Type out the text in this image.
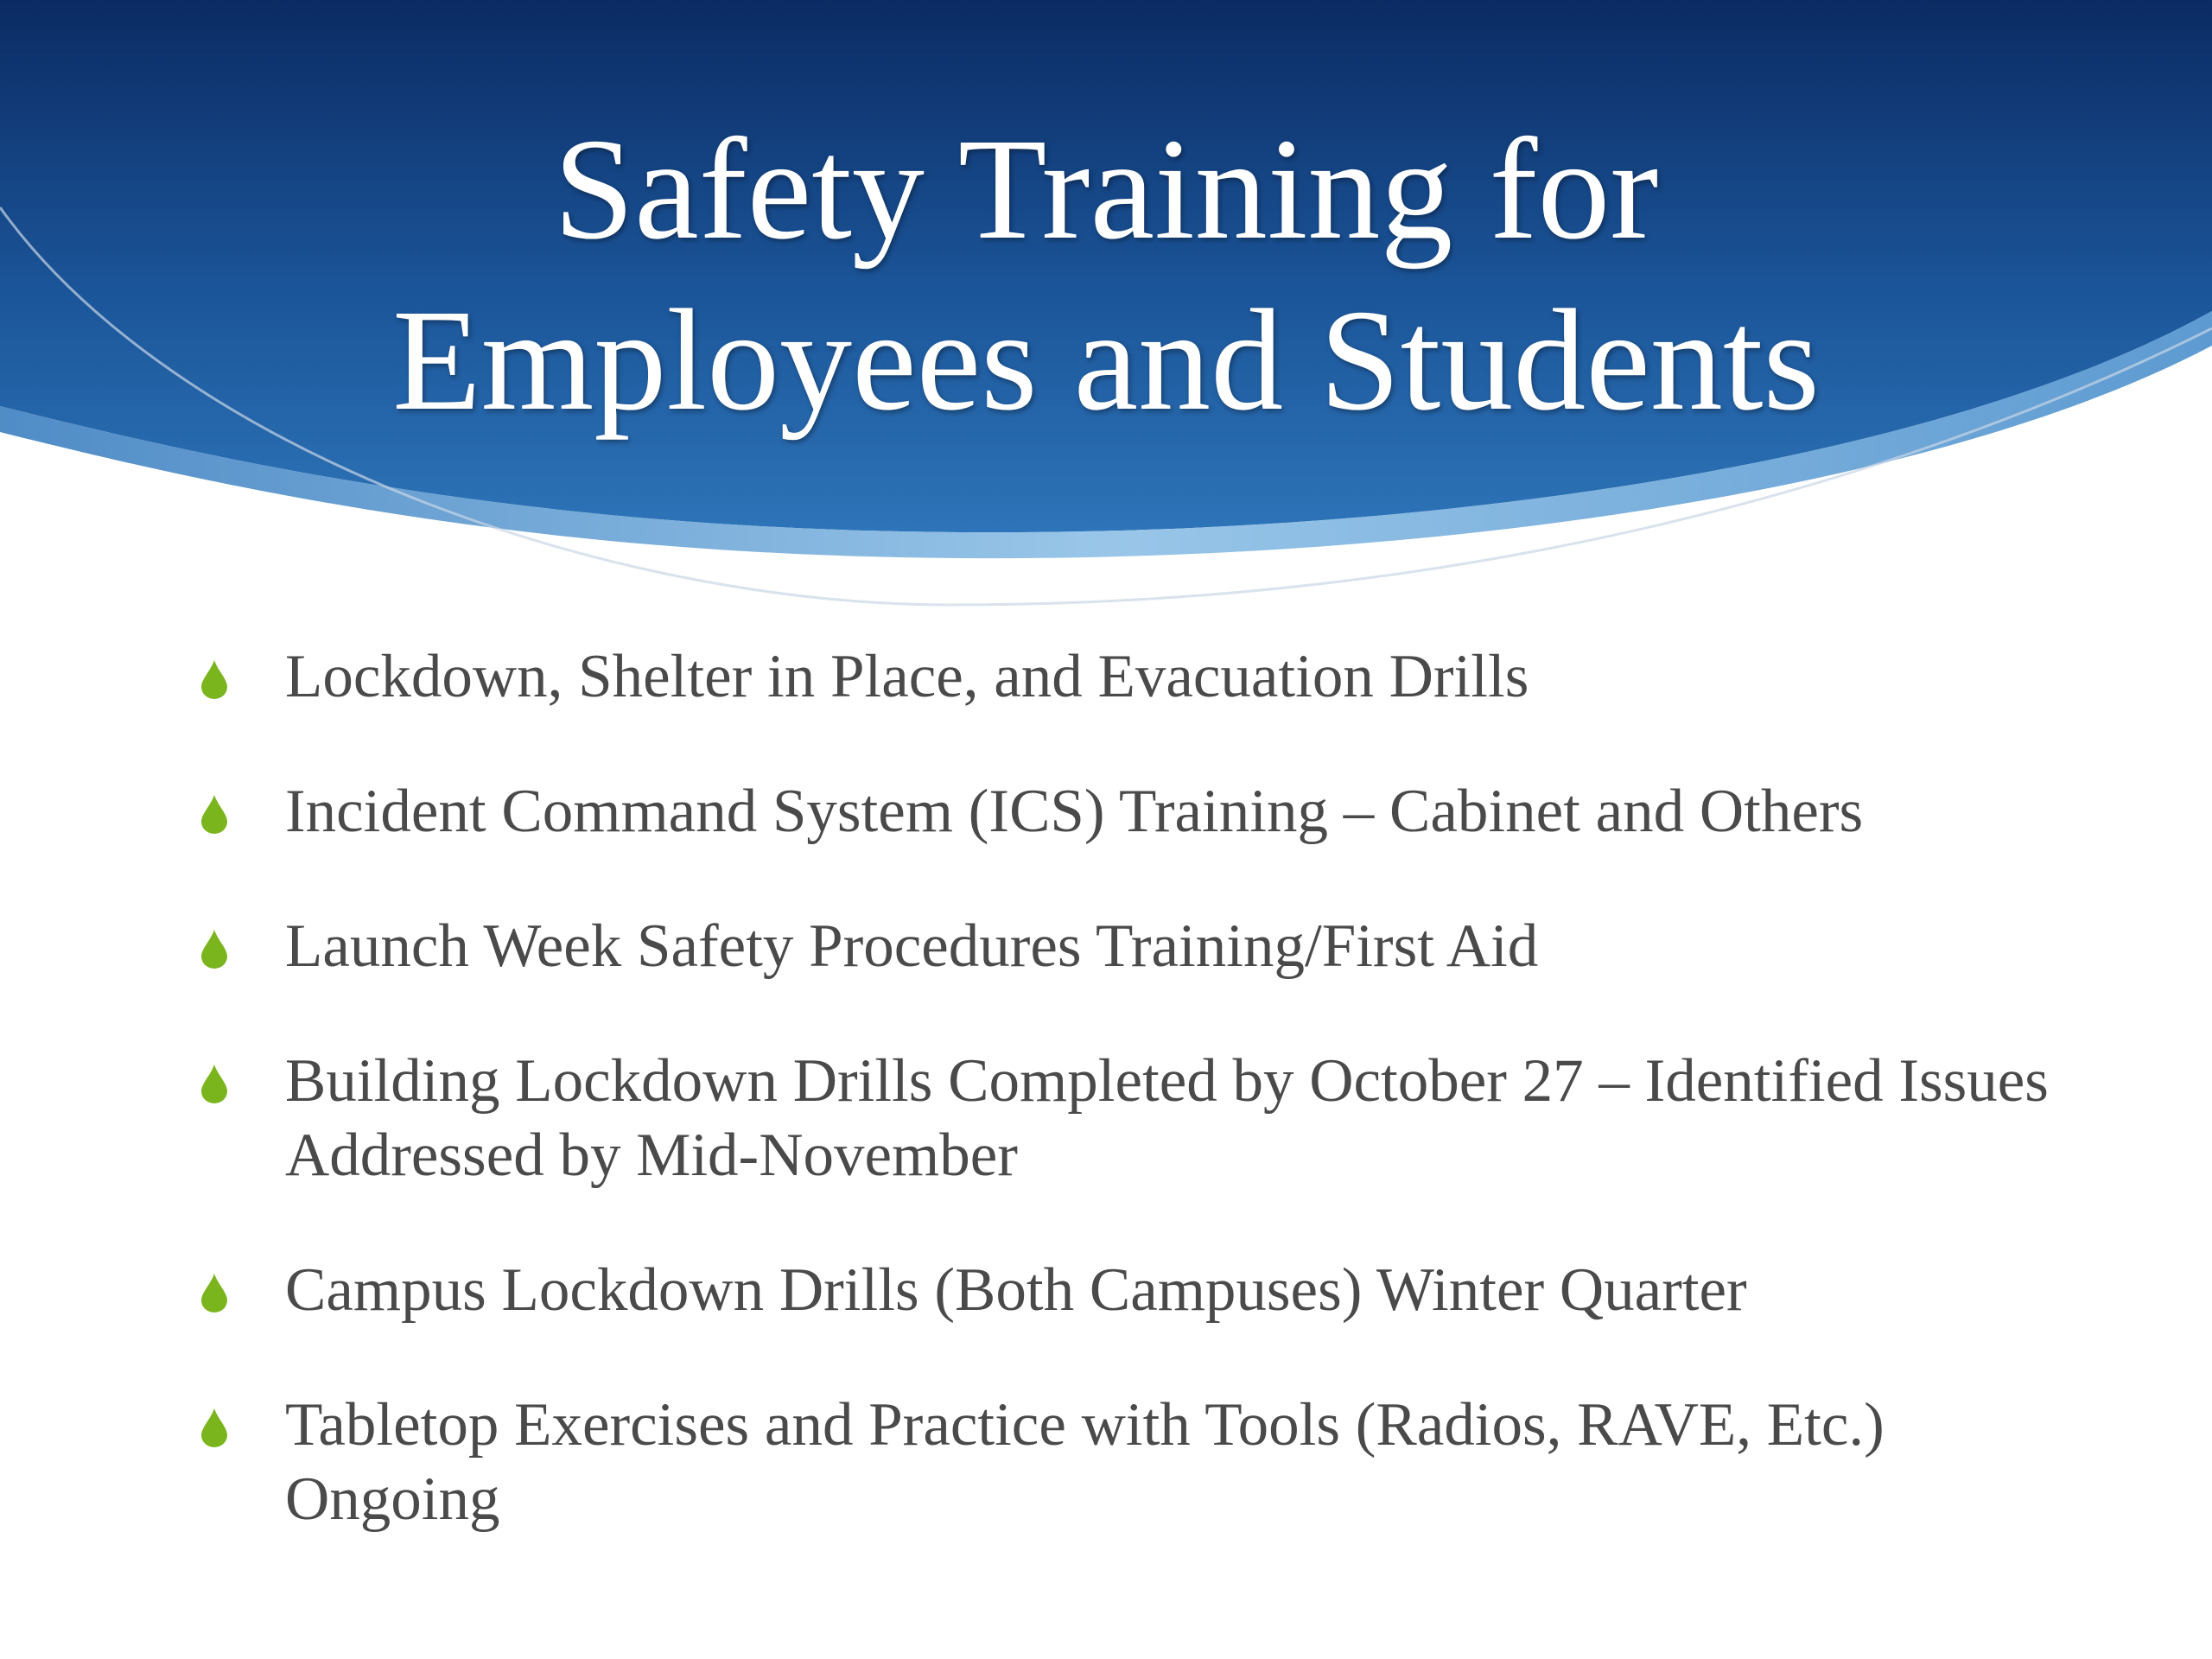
Safety Training for
Employees and Students
Lockdown, Shelter in Place, and Evacuation Drills
Incident Command System (ICS) Training – Cabinet and Others
Launch Week Safety Procedures Training/First Aid
Building Lockdown Drills Completed by October 27 – Identified Issues Addressed by Mid-November
Campus Lockdown Drills (Both Campuses) Winter Quarter
Tabletop Exercises and Practice with Tools (Radios, RAVE, Etc.) Ongoing
